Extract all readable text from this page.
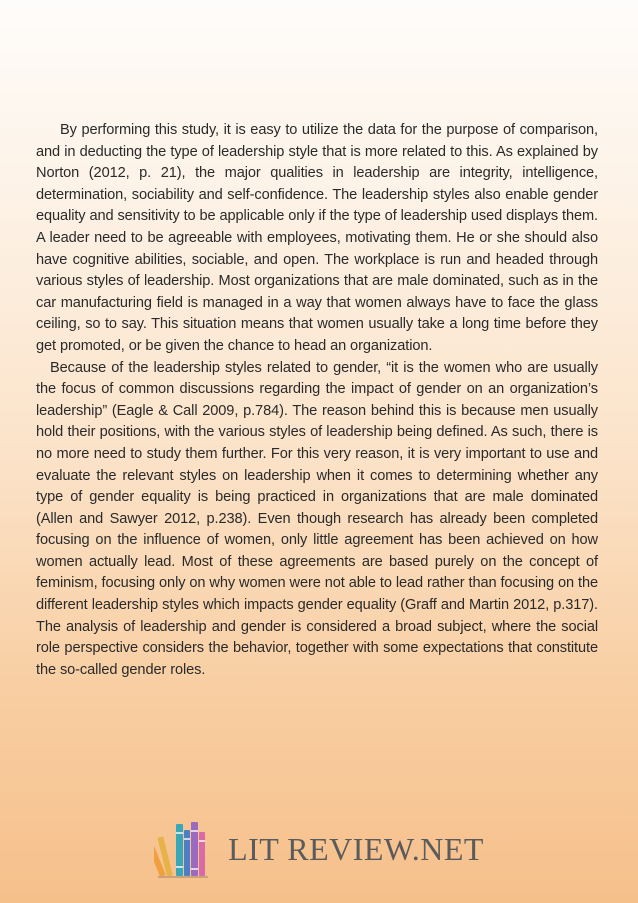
By performing this study, it is easy to utilize the data for the purpose of comparison, and in deducting the type of leadership style that is more related to this. As explained by Norton (2012, p. 21), the major qualities in leadership are integrity, intelligence, determination, sociability and self-confidence. The leadership styles also enable gender equality and sensitivity to be applicable only if the type of leadership used displays them. A leader need to be agreeable with employees, motivating them. He or she should also have cognitive abilities, sociable, and open. The workplace is run and headed through various styles of leadership. Most organizations that are male dominated, such as in the car manufacturing field is managed in a way that women always have to face the glass ceiling, so to say. This situation means that women usually take a long time before they get promoted, or be given the chance to head an organization.

Because of the leadership styles related to gender, “it is the women who are usually the focus of common discussions regarding the impact of gender on an organization’s leadership” (Eagle & Call 2009, p.784). The reason behind this is because men usually hold their positions, with the various styles of leadership being defined. As such, there is no more need to study them further. For this very reason, it is very important to use and evaluate the relevant styles on leadership when it comes to determining whether any type of gender equality is being practiced in organizations that are male dominated (Allen and Sawyer 2012, p.238). Even though research has already been completed focusing on the influence of women, only little agreement has been achieved on how women actually lead. Most of these agreements are based purely on the concept of feminism, focusing only on why women were not able to lead rather than focusing on the different leadership styles which impacts gender equality (Graff and Martin 2012, p.317). The analysis of leadership and gender is considered a broad subject, where the social role perspective considers the behavior, together with some expectations that constitute the so-called gender roles.

LIT REVIEW.NET
